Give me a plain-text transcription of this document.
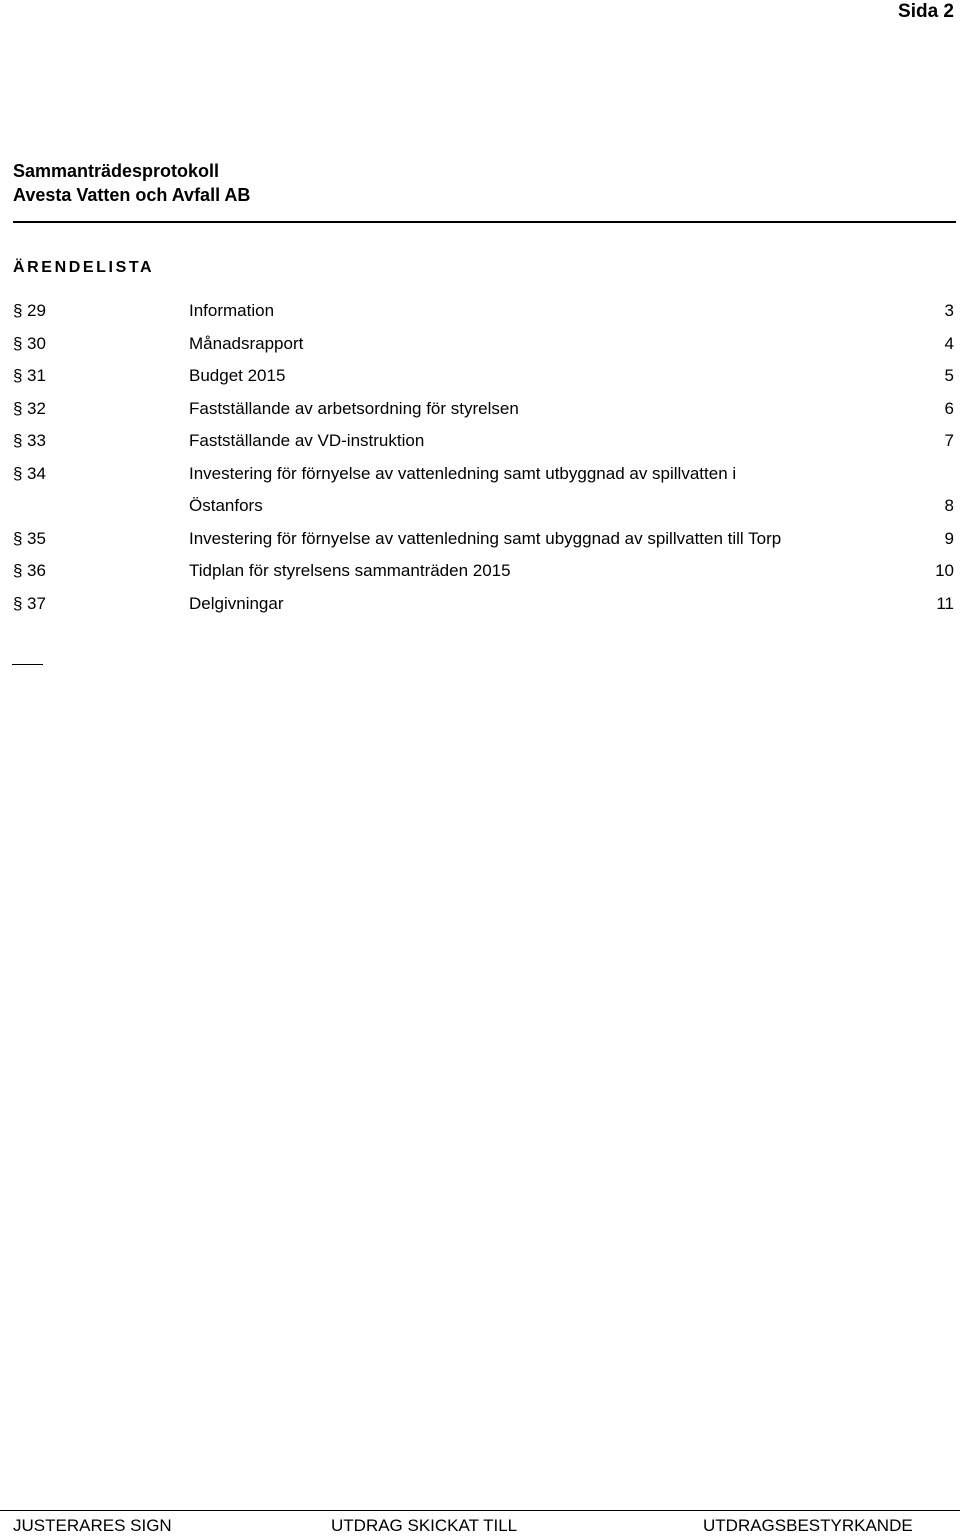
Sida 2
Sammanträdesprotokoll
Avesta Vatten och Avfall AB
ÄRENDELISTA
§ 29	Information	3
§ 30	Månadsrapport	4
§ 31	Budget 2015	5
§ 32	Fastställande av arbetsordning för styrelsen	6
§ 33	Fastställande av VD-instruktion	7
§ 34	Investering för förnyelse av vattenledning samt utbyggnad av spillvatten i
Östanfors	8
§ 35	Investering för förnyelse av vattenledning samt ubyggnad av spillvatten till Torp	9
§ 36	Tidplan för styrelsens sammanträden 2015	10
§ 37	Delgivningar	11
JUSTERARES SIGN	UTDRAG SKICKAT TILL	UTDRAGSBESTYRKANDE
